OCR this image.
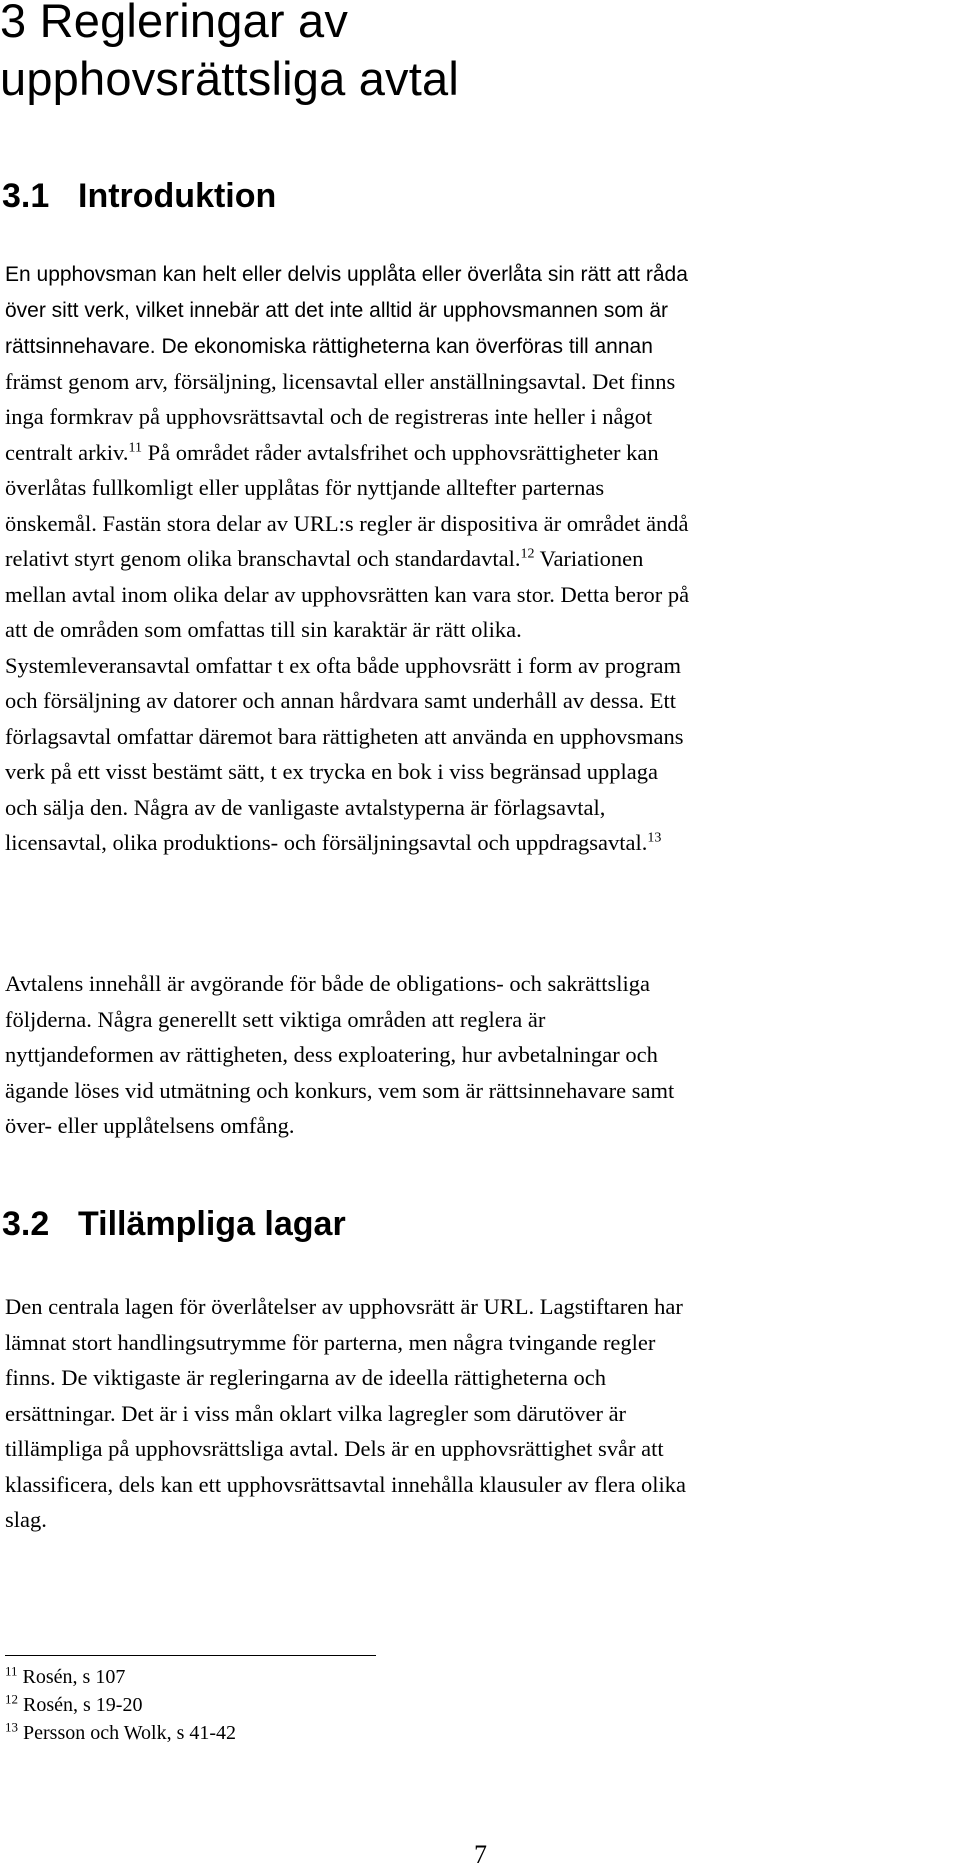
3 Regleringar av
upphovsrättsliga avtal
3.1 Introduktion
En upphovsman kan helt eller delvis upplåta eller överlåta sin rätt att råda
över sitt verk, vilket innebär att det inte alltid är upphovsmannen som är
rättsinnehavare. De ekonomiska rättigheterna kan överföras till annan
främst genom arv, försäljning, licensavtal eller anställningsavtal. Det finns
inga formkrav på upphovsrättsavtal och de registreras inte heller i något
centralt arkiv.$^{11}$ På området råder avtalsfrihet och upphovsrättigheter kan
överlåtas fullkomligt eller upplåtas för nyttjande alltefter parternas
önskemål. Fastän stora delar av URL:s regler är dispositiva är området ändå
relativt styrt genom olika branschavtal och standardavtal.$^{12}$ Variationen
mellan avtal inom olika delar av upphovsrätten kan vara stor. Detta beror på
att de områden som omfattas till sin karaktär är rätt olika.
Systemleveransavtal omfattar t ex ofta både upphovsrätt i form av program
och försäljning av datorer och annan hårdvara samt underhåll av dessa. Ett
förlagsavtal omfattar däremot bara rättigheten att använda en upphovsmans
verk på ett visst bestämt sätt, t ex trycka en bok i viss begränsad upplaga
och sälja den. Några av de vanligaste avtalstyperna är förlagsavtal,
licensavtal, olika produktions- och försäljningsavtal och uppdragsavtal.$^{13}$
Avtalens innehåll är avgörande för både de obligations- och sakrättsliga
följderna. Några generellt sett viktiga områden att reglera är
nyttjandeformen av rättigheten, dess exploatering, hur avbetalningar och
ägande löses vid utmätning och konkurs, vem som är rättsinnehavare samt
över- eller upplåtelsens omfång.
3.2 Tillämpliga lagar
Den centrala lagen för överlåtelser av upphovsrätt är URL. Lagstiftaren har
lämnat stort handlingsutrymme för parterna, men några tvingande regler
finns. De viktigaste är regleringarna av de ideella rättigheterna och
ersättningar. Det är i viss mån oklart vilka lagregler som därutöver är
tillämpliga på upphovsrättsliga avtal. Dels är en upphovsrättighet svår att
klassificera, dels kan ett upphovsrättsavtal innehålla klausuler av flera olika
slag.

$^{11}$ Rosén, s 107

$^{12}$ Rosén, s 19-20

$^{13}$ Persson och Wolk, s 41-42

7
